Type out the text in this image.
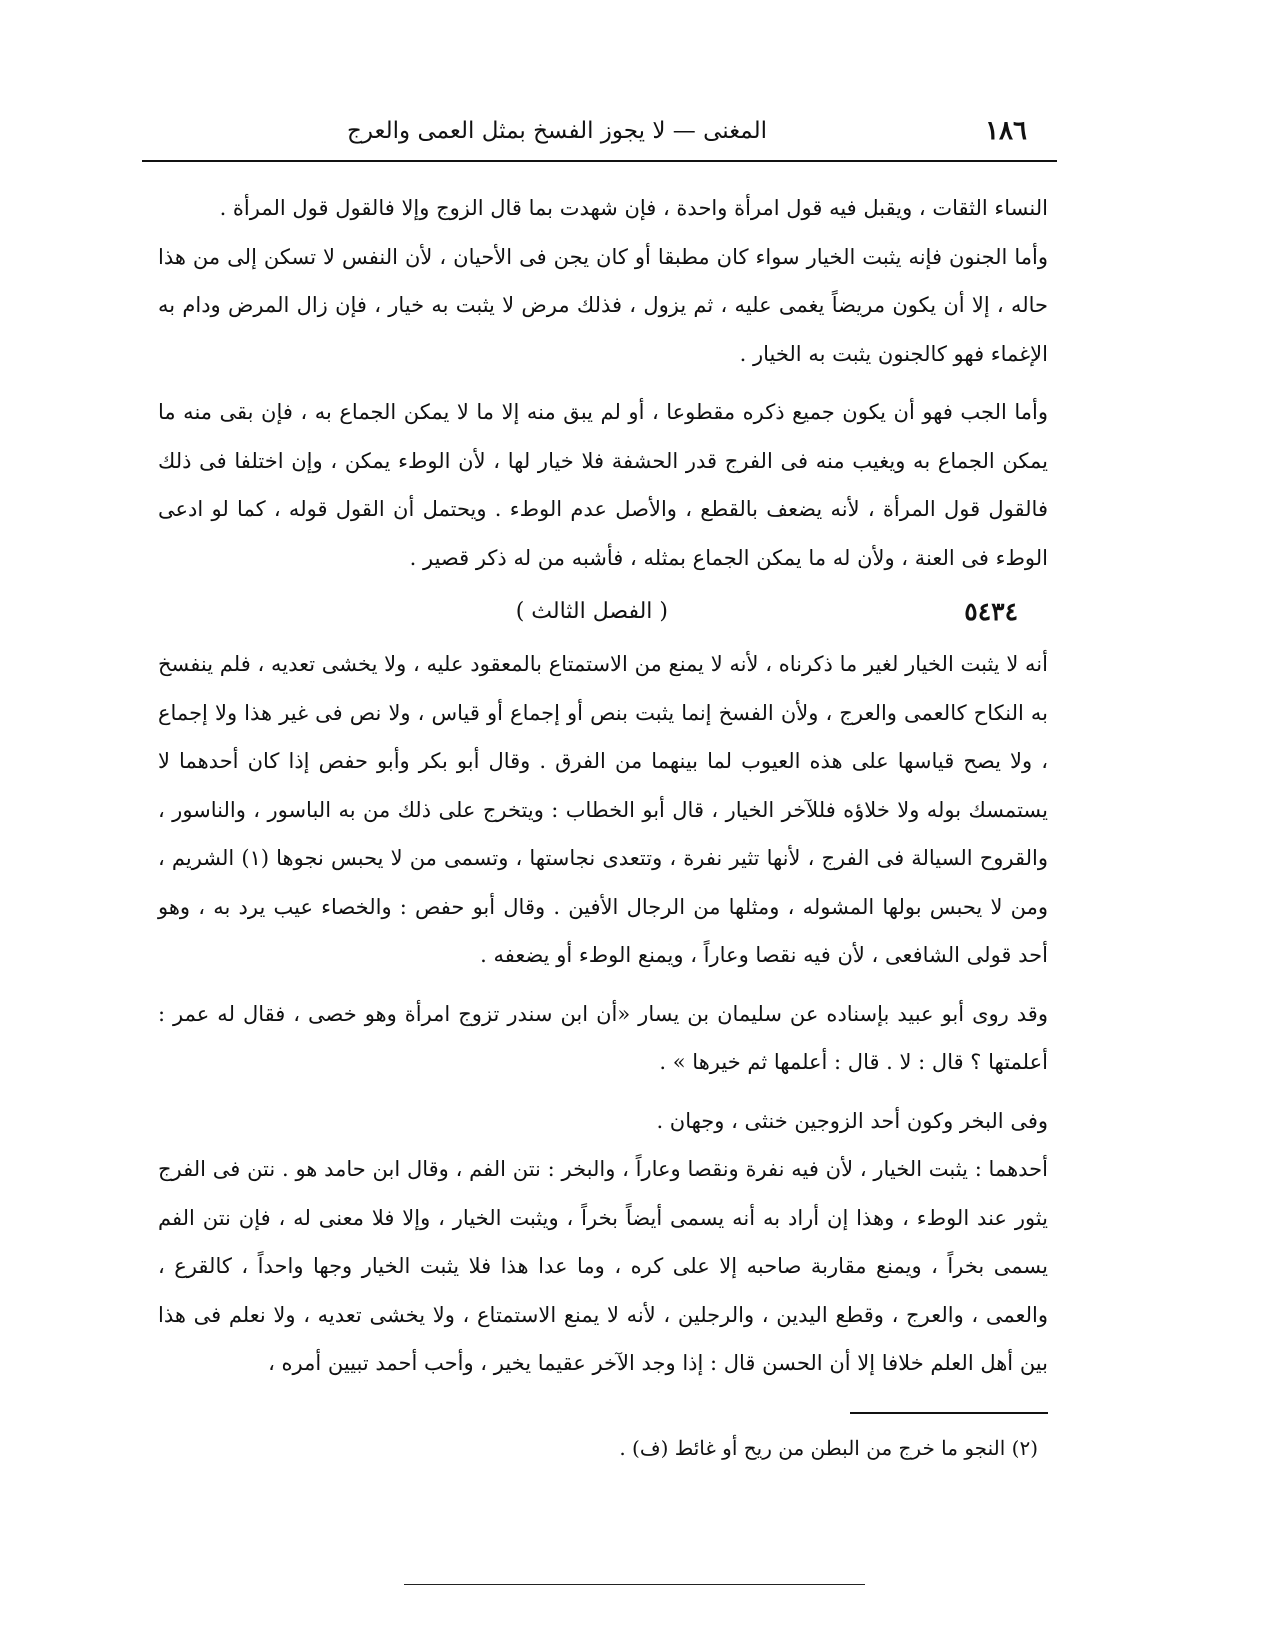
١٨٦
المغنى — لا يجوز الفسخ بمثل العمى والعرج

النساء الثقات ، ويقبل فيه قول امرأة واحدة ، فإن شهدت بما قال الزوج وإلا فالقول قول المرأة .

وأما الجنون فإنه يثبت الخيار سواء كان مطبقا أو كان يجن فى الأحيان ، لأن النفس لا تسكن إلى من هذا حاله ، إلا أن يكون مريضاً يغمى عليه ، ثم يزول ، فذلك مرض لا يثبت به خيار ، فإن زال المرض ودام به الإغماء فهو كالجنون يثبت به الخيار .

وأما الجب فهو أن يكون جميع ذكره مقطوعا ، أو لم يبق منه إلا ما لا يمكن الجماع به ، فإن بقى منه ما يمكن الجماع به ويغيب منه فى الفرج قدر الحشفة فلا خيار لها ، لأن الوطء يمكن ، وإن اختلفا فى ذلك فالقول قول المرأة ، لأنه يضعف بالقطع ، والأصل عدم الوطء . ويحتمل أن القول قوله ، كما لو ادعى الوطء فى العنة ، ولأن له ما يمكن الجماع بمثله ، فأشبه من له ذكر قصير .

٥٤٣٤
( الفصل الثالث )

أنه لا يثبت الخيار لغير ما ذكرناه ، لأنه لا يمنع من الاستمتاع بالمعقود عليه ، ولا يخشى تعديه ، فلم ينفسخ به النكاح كالعمى والعرج ، ولأن الفسخ إنما يثبت بنص أو إجماع أو قياس ، ولا نص فى غير هذا ولا إجماع ، ولا يصح قياسها على هذه العيوب لما بينهما من الفرق . وقال أبو بكر وأبو حفص إذا كان أحدهما لا يستمسك بوله ولا خلاؤه فللآخر الخيار ، قال أبو الخطاب : ويتخرج على ذلك من به الباسور ، والناسور ، والقروح السيالة فى الفرج ، لأنها تثير نفرة ، وتتعدى نجاستها ، وتسمى من لا يحبس نجوها (١) الشريم ، ومن لا يحبس بولها المشوله ، ومثلها من الرجال الأفين . وقال أبو حفص : والخصاء عيب يرد به ، وهو أحد قولى الشافعى ، لأن فيه نقصا وعاراً ، ويمنع الوطء أو يضعفه .

وقد روى أبو عبيد بإسناده عن سليمان بن يسار «أن ابن سندر تزوج امرأة وهو خصى ، فقال له عمر : أعلمتها ؟ قال : لا . قال : أعلمها ثم خيرها » .

وفى البخر وكون أحد الزوجين خنثى ، وجهان .

أحدهما : يثبت الخيار ، لأن فيه نفرة ونقصا وعاراً ، والبخر : نتن الفم ، وقال ابن حامد هو . نتن فى الفرج يثور عند الوطء ، وهذا إن أراد به أنه يسمى أيضاً بخراً ، ويثبت الخيار ، وإلا فلا معنى له ، فإن نتن الفم يسمى بخراً ، ويمنع مقاربة صاحبه إلا على كره ، وما عدا هذا فلا يثبت الخيار وجها واحداً ، كالقرع ، والعمى ، والعرج ، وقطع اليدين ، والرجلين ، لأنه لا يمنع الاستمتاع ، ولا يخشى تعديه ، ولا نعلم فى هذا بين أهل العلم خلافا إلا أن الحسن قال : إذا وجد الآخر عقيما يخير ، وأحب أحمد تبيين أمره ،

(٢) النجو ما خرج من البطن من ريح أو غائط (ف) .
